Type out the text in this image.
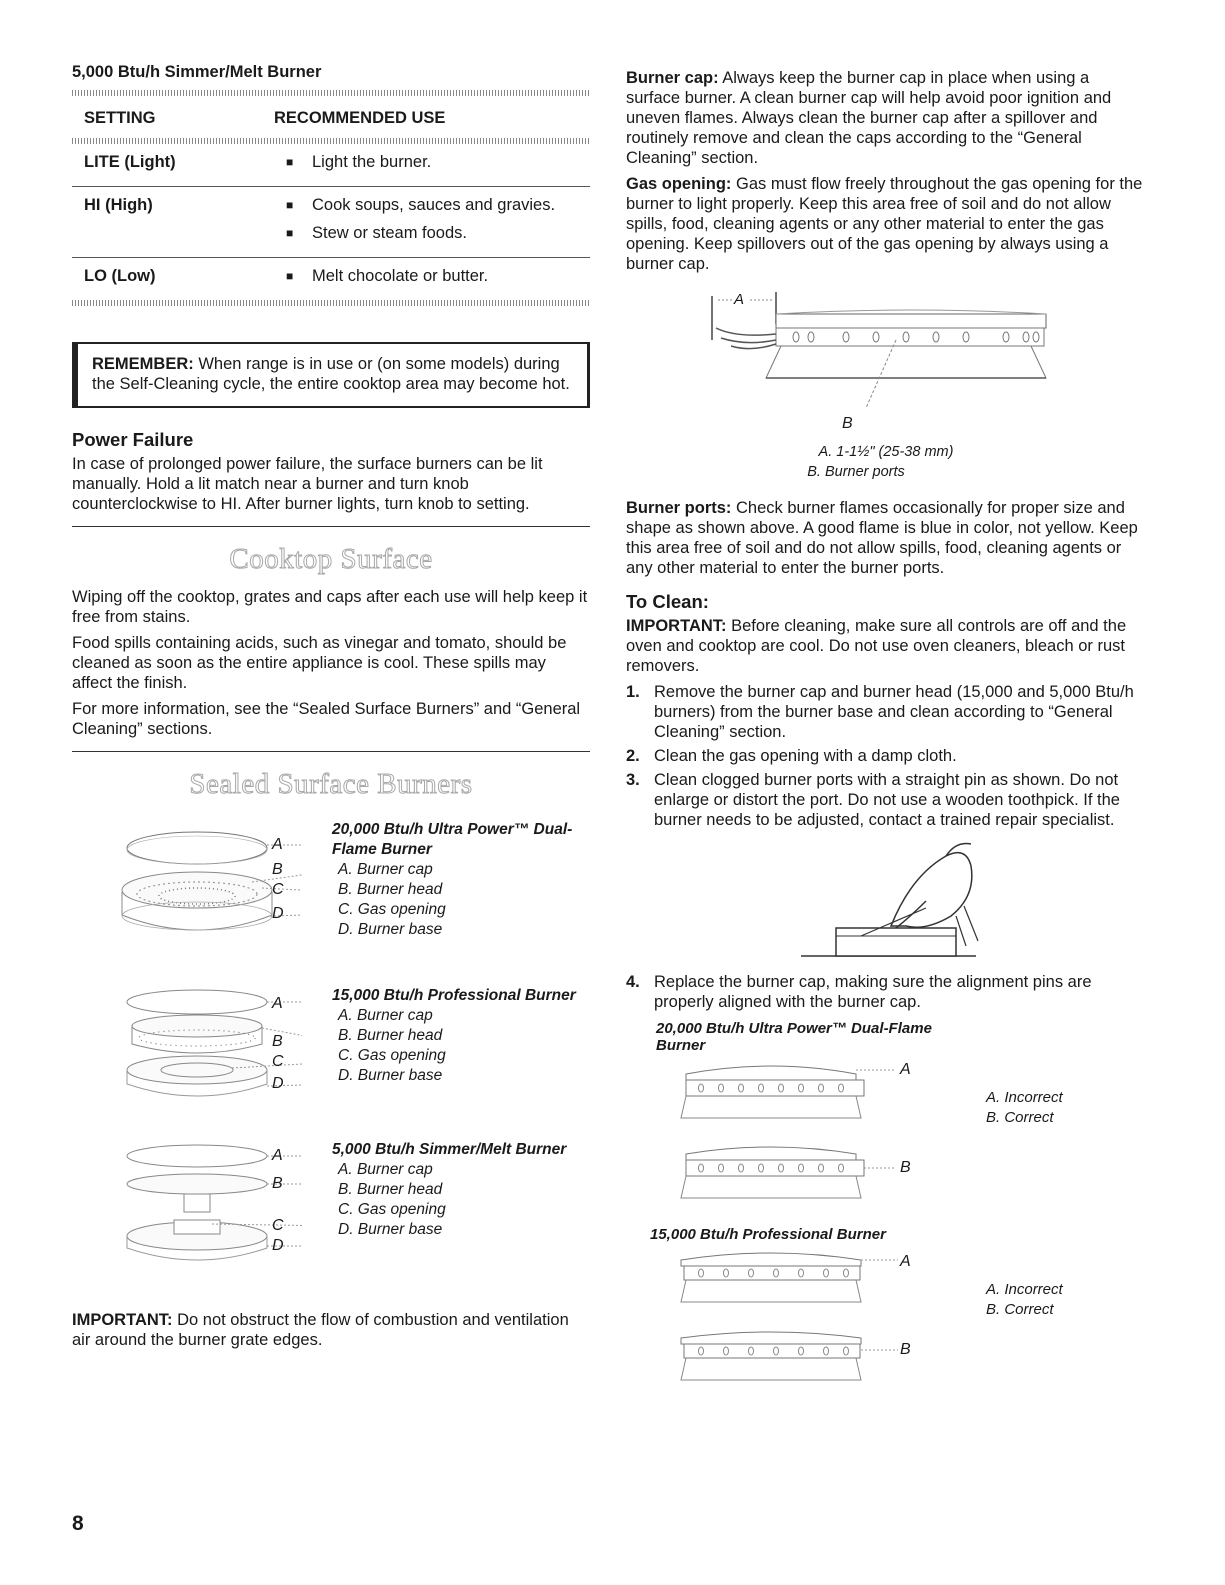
5,000 Btu/h Simmer/Melt Burner
SETTING	RECOMMENDED USE

LITE (Light)	■ Light the burner.

HI (High)	■ Cook soups, sauces and gravies.
■ Stew or steam foods.

LO (Low)	■ Melt chocolate or butter.
REMEMBER: When range is in use or (on some models) during the Self-Cleaning cycle, the entire cooktop area may become hot.
Power Failure

In case of prolonged power failure, the surface burners can be lit manually. Hold a lit match near a burner and turn knob counterclockwise to HI. After burner lights, turn knob to setting.

Cooktop Surface

Wiping off the cooktop, grates and caps after each use will help keep it free from stains.

Food spills containing acids, such as vinegar and tomato, should be cleaned as soon as the entire appliance is cool. These spills may affect the finish.

For more information, see the “Sealed Surface Burners” and “General Cleaning” sections.

Sealed Surface Burners
A
B
C
D
20,000 Btu/h Ultra Power™ Dual-Flame Burner
A. Burner cap
B. Burner head
C. Gas opening
D. Burner base
A
B
C
D
15,000 Btu/h Professional Burner
A. Burner cap
B. Burner head
C. Gas opening
D. Burner base
A
B
C
D
5,000 Btu/h Simmer/Melt Burner
A. Burner cap
B. Burner head
C. Gas opening
D. Burner base

IMPORTANT: Do not obstruct the flow of combustion and ventilation air around the burner grate edges.

Burner cap: Always keep the burner cap in place when using a surface burner. A clean burner cap will help avoid poor ignition and uneven flames. Always clean the burner cap after a spillover and routinely remove and clean the caps according to the “General Cleaning” section.

Gas opening: Gas must flow freely throughout the gas opening for the burner to light properly. Keep this area free of soil and do not allow spills, food, cleaning agents or any other material to enter the gas opening. Keep spillovers out of the gas opening by always using a burner cap.

A
B
A. 1-1½" (25-38 mm)
B. Burner ports

Burner ports: Check burner flames occasionally for proper size and shape as shown above. A good flame is blue in color, not yellow. Keep this area free of soil and do not allow spills, food, cleaning agents or any other material to enter the burner ports.

To Clean:

IMPORTANT: Before cleaning, make sure all controls are off and the oven and cooktop are cool. Do not use oven cleaners, bleach or rust removers.

1. Remove the burner cap and burner head (15,000 and 5,000 Btu/h burners) from the burner base and clean according to “General Cleaning” section.
2. Clean the gas opening with a damp cloth.
3. Clean clogged burner ports with a straight pin as shown. Do not enlarge or distort the port. Do not use a wooden toothpick. If the burner needs to be adjusted, contact a trained repair specialist.
4. Replace the burner cap, making sure the alignment pins are properly aligned with the burner cap.
20,000 Btu/h Ultra Power™ Dual-Flame Burner
A
B
A. Incorrect
B. Correct
15,000 Btu/h Professional Burner
A
B
A. Incorrect
B. Correct
8
